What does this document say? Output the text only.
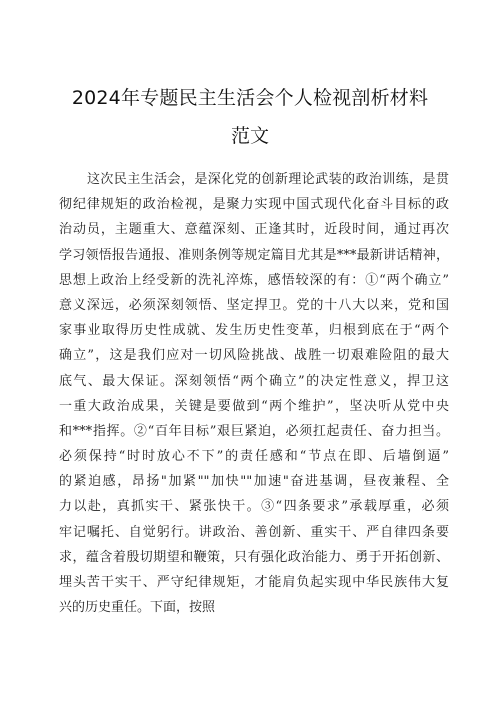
2024年专题民主生活会个人检视剖析材料
范文
这次民主生活会，是深化党的创新理论武装的政治训练，是贯
彻纪律规矩的政治检视，是聚力实现中国式现代化奋斗目标的政
治动员，主题重大、意蕴深刻、正逢其时，近段时间，通过再次
学习领悟报告通报、准则条例等规定篇目尤其是***最新讲话精神，
思想上政治上经受新的洗礼淬炼，感悟较深的有：①“两个确立”
意义深远，必须深刻领悟、坚定捍卫。党的十八大以来，党和国
家事业取得历史性成就、发生历史性变革，归根到底在于“两个
确立”，这是我们应对一切风险挑战、战胜一切艰难险阻的最大
底气、最大保证。深刻领悟“两个确立”的决定性意义，捍卫这
一重大政治成果，关键是要做到“两个维护”，坚决听从党中央
和***指挥。②“百年目标”艰巨紧迫，必须扛起责任、奋力担当。
必须保持“时时放心不下”的责任感和“节点在即、后墙倒逼”
的紧迫感，昂扬"加紧""加快""加速"奋进基调，昼夜兼程、全
力以赴，真抓实干、紧张快干。③“四条要求”承载厚重，必须
牢记嘱托、自觉躬行。讲政治、善创新、重实干、严自律四条要
求，蕴含着殷切期望和鞭策，只有强化政治能力、勇于开拓创新、
埋头苦干实干、严守纪律规矩，才能肩负起实现中华民族伟大复
兴的历史重任。下面，按照
